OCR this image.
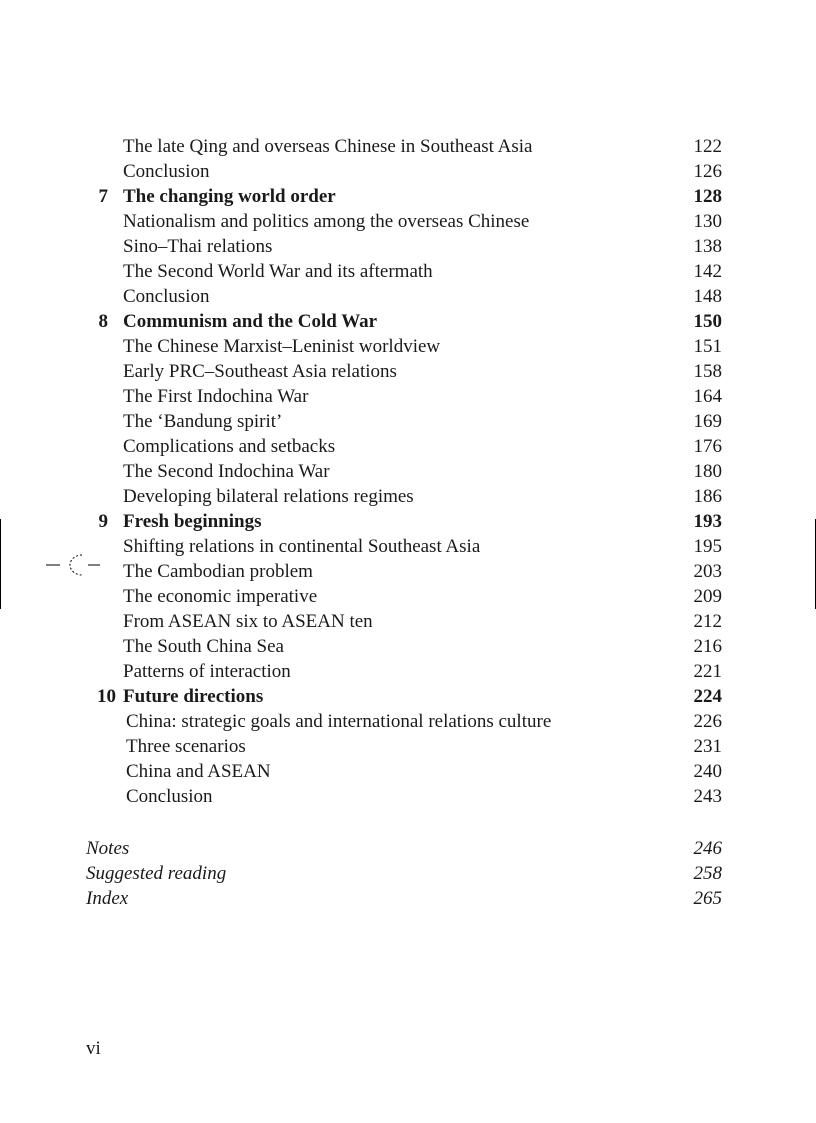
The late Qing and overseas Chinese in Southeast Asia	122
Conclusion	126
7 The changing world order	128
Nationalism and politics among the overseas Chinese	130
Sino–Thai relations	138
The Second World War and its aftermath	142
Conclusion	148
8 Communism and the Cold War	150
The Chinese Marxist–Leninist worldview	151
Early PRC–Southeast Asia relations	158
The First Indochina War	164
The ‘Bandung spirit’	169
Complications and setbacks	176
The Second Indochina War	180
Developing bilateral relations regimes	186
9 Fresh beginnings	193
Shifting relations in continental Southeast Asia	195
The Cambodian problem	203
The economic imperative	209
From ASEAN six to ASEAN ten	212
The South China Sea	216
Patterns of interaction	221
10 Future directions	224
China: strategic goals and international relations culture	226
Three scenarios	231
China and ASEAN	240
Conclusion	243
Notes	246
Suggested reading	258
Index	265
vi
